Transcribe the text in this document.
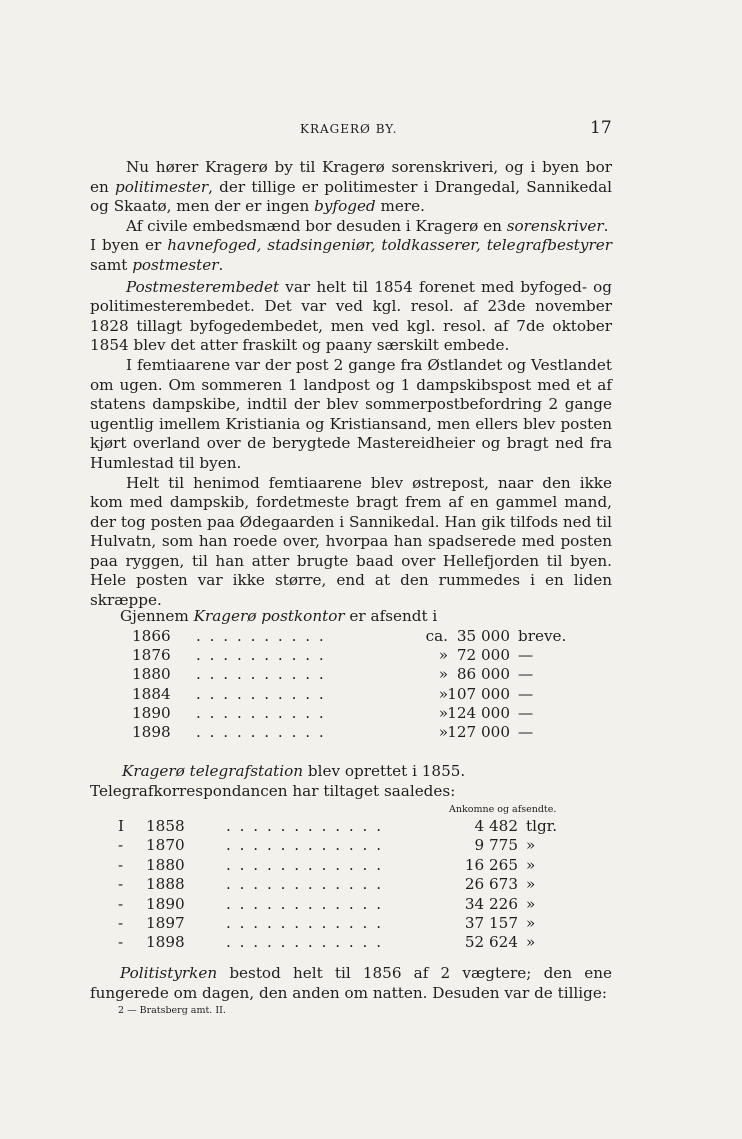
KRAGERØ BY.	17

Nu hører Kragerø by til Kragerø sorenskriveri, og i byen bor en politimester, der tillige er politimester i Drangedal, Sannikedal og Skaatø, men der er ingen byfoged mere.

Af civile embedsmænd bor desuden i Kragerø en sorenskriver.

I byen er havnefoged, stadsingeniør, toldkasserer, telegrafbestyrer samt postmester.

Postmesterembedet var helt til 1854 forenet med byfoged- og politimesterembedet. Det var ved kgl. resol. af 23de november 1828 tillagt byfogedembedet, men ved kgl. resol. af 7de oktober 1854 blev det atter fraskilt og paany særskilt embede.

I femtiaarene var der post 2 gange fra Østlandet og Vestlandet om ugen. Om sommeren 1 landpost og 1 dampskibspost med et af statens dampskibe, indtil der blev sommerpostbefordring 2 gange ugentlig imellem Kristiania og Kristiansand, men ellers blev posten kjørt overland over de berygtede Mastereidheier og bragt ned fra Humlestad til byen.

Helt til henimod femtiaarene blev østrepost, naar den ikke kom med dampskib, fordetmeste bragt frem af en gammel mand, der tog posten paa Ødegaarden i Sannikedal. Han gik tilfods ned til Hulvatn, som han roede over, hvorpaa han spadserede med posten paa ryggen, til han atter brugte baad over Hellefjorden til byen. Hele posten var ikke større, end at den rummedes i en liden skræppe.

Gjennem Kragerø postkontor er afsendt i
1866 . . . . . . . . . .	ca. 35 000 breve.
1876 . . . . . . . . . .	» 72 000 —
1880 . . . . . . . . . .	» 86 000 —
1884 . . . . . . . . . .	» 107 000 —
1890 . . . . . . . . . .	» 124 000 —
1898 . . . . . . . . . .	» 127 000 —

Kragerø telegrafstation blev oprettet i 1855. Telegrafkorrespondancen har tiltaget saaledes:

Ankomne og afsendte.
I	1858	. . . . . . . . . . . .	4 482 tlgr.
-	1870	. . . . . . . . . . . .	9 775 »
-	1880	. . . . . . . . . . . .	16 265 »
-	1888	. . . . . . . . . . . .	26 673 »
-	1890	. . . . . . . . . . . .	34 226 »
-	1897	. . . . . . . . . . . .	37 157 »
-	1898	. . . . . . . . . . . .	52 624 »

Politistyrken bestod helt til 1856 af 2 vægtere; den ene fungerede om dagen, den anden om natten. Desuden var de tillige:

2 — Bratsberg amt. II.
